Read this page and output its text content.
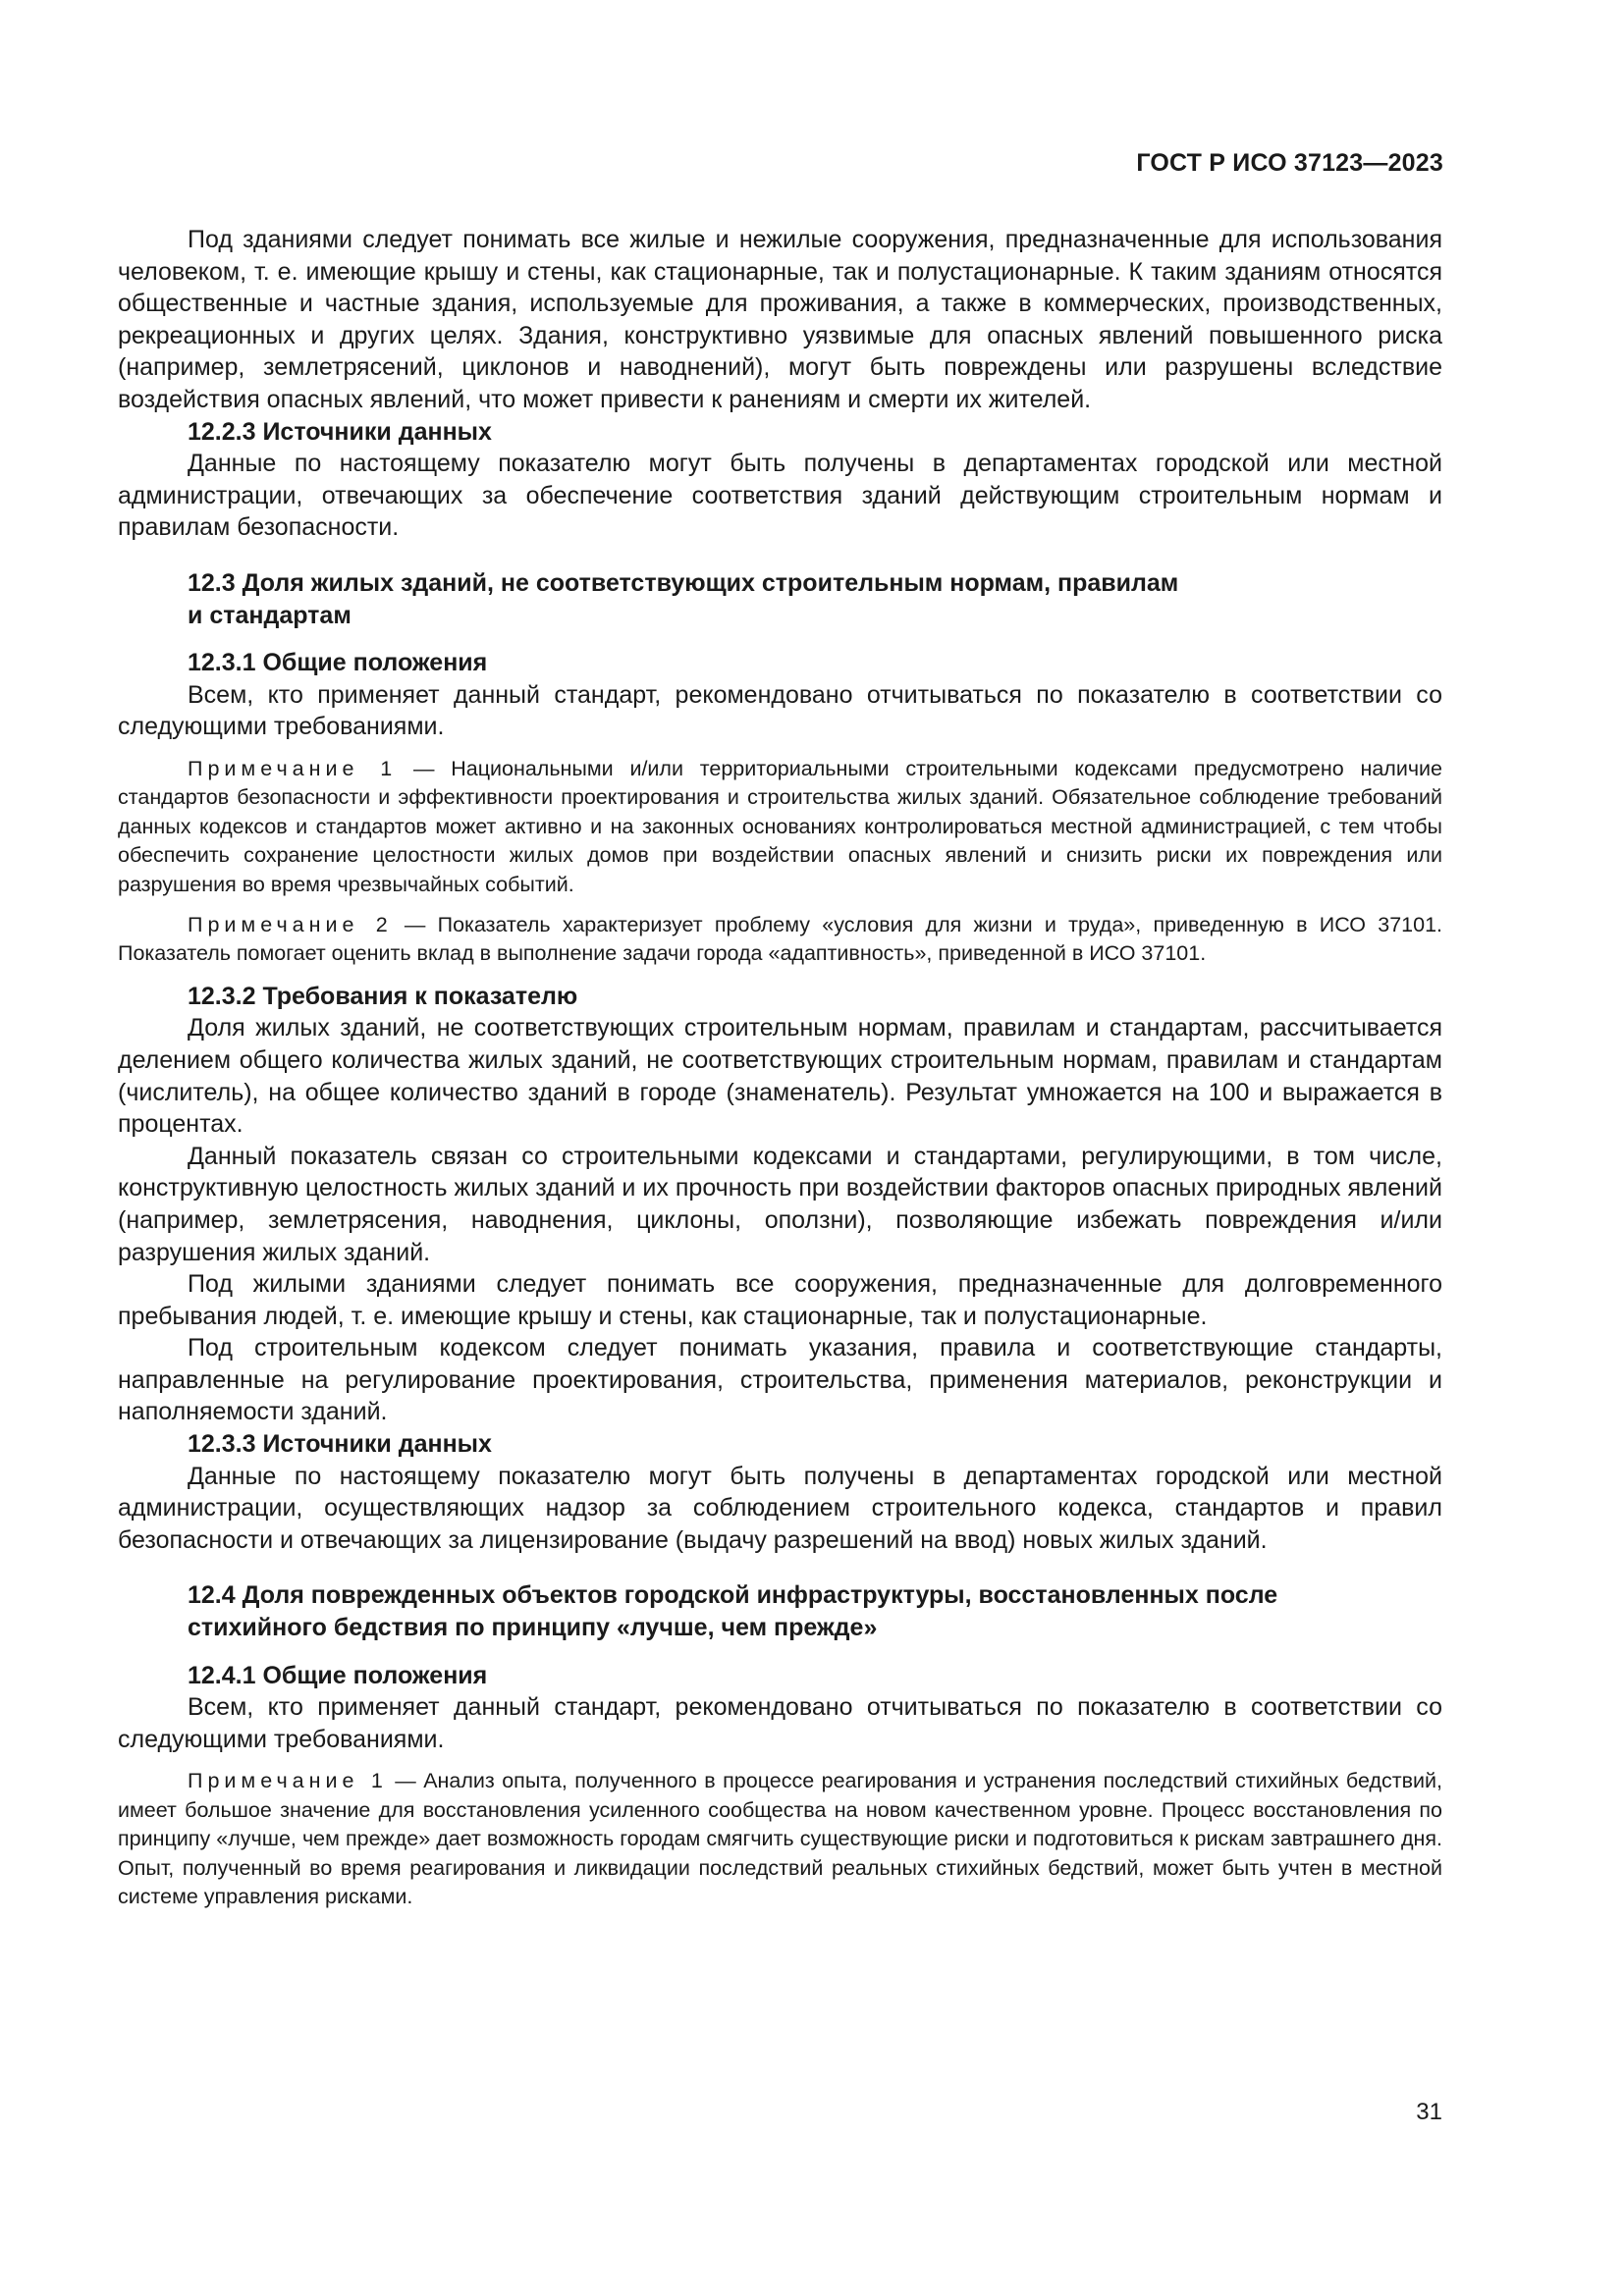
ГОСТ Р ИСО 37123—2023

Под зданиями следует понимать все жилые и нежилые сооружения, предназначенные для использования человеком, т. е. имеющие крышу и стены, как стационарные, так и полустационарные. К таким зданиям относятся общественные и частные здания, используемые для проживания, а также в коммерческих, производственных, рекреационных и других целях. Здания, конструктивно уязвимые для опасных явлений повышенного риска (например, землетрясений, циклонов и наводнений), могут быть повреждены или разрушены вследствие воздействия опасных явлений, что может привести к ранениям и смерти их жителей.

12.2.3 Источники данных

Данные по настоящему показателю могут быть получены в департаментах городской или местной администрации, отвечающих за обеспечение соответствия зданий действующим строительным нормам и правилам безопасности.

12.3 Доля жилых зданий, не соответствующих строительным нормам, правилам
и стандартам

12.3.1 Общие положения

Всем, кто применяет данный стандарт, рекомендовано отчитываться по показателю в соответствии со следующими требованиями.

Примечание 1 — Национальными и/или территориальными строительными кодексами предусмотрено наличие стандартов безопасности и эффективности проектирования и строительства жилых зданий. Обязательное соблюдение требований данных кодексов и стандартов может активно и на законных основаниях контролироваться местной администрацией, с тем чтобы обеспечить сохранение целостности жилых домов при воздействии опасных явлений и снизить риски их повреждения или разрушения во время чрезвычайных событий.

Примечание 2 — Показатель характеризует проблему «условия для жизни и труда», приведенную в ИСО 37101. Показатель помогает оценить вклад в выполнение задачи города «адаптивность», приведенной в ИСО 37101.

12.3.2 Требования к показателю

Доля жилых зданий, не соответствующих строительным нормам, правилам и стандартам, рассчитывается делением общего количества жилых зданий, не соответствующих строительным нормам, правилам и стандартам (числитель), на общее количество зданий в городе (знаменатель). Результат умножается на 100 и выражается в процентах.

Данный показатель связан со строительными кодексами и стандартами, регулирующими, в том числе, конструктивную целостность жилых зданий и их прочность при воздействии факторов опасных природных явлений (например, землетрясения, наводнения, циклоны, оползни), позволяющие избежать повреждения и/или разрушения жилых зданий.

Под жилыми зданиями следует понимать все сооружения, предназначенные для долговременного пребывания людей, т. е. имеющие крышу и стены, как стационарные, так и полустационарные.

Под строительным кодексом следует понимать указания, правила и соответствующие стандарты, направленные на регулирование проектирования, строительства, применения материалов, реконструкции и наполняемости зданий.

12.3.3 Источники данных

Данные по настоящему показателю могут быть получены в департаментах городской или местной администрации, осуществляющих надзор за соблюдением строительного кодекса, стандартов и правил безопасности и отвечающих за лицензирование (выдачу разрешений на ввод) новых жилых зданий.

12.4 Доля поврежденных объектов городской инфраструктуры, восстановленных после
стихийного бедствия по принципу «лучше, чем прежде»

12.4.1 Общие положения

Всем, кто применяет данный стандарт, рекомендовано отчитываться по показателю в соответствии со следующими требованиями.

Примечание 1 — Анализ опыта, полученного в процессе реагирования и устранения последствий стихийных бедствий, имеет большое значение для восстановления усиленного сообщества на новом качественном уровне. Процесс восстановления по принципу «лучше, чем прежде» дает возможность городам смягчить существующие риски и подготовиться к рискам завтрашнего дня. Опыт, полученный во время реагирования и ликвидации последствий реальных стихийных бедствий, может быть учтен в местной системе управления рисками.

31
